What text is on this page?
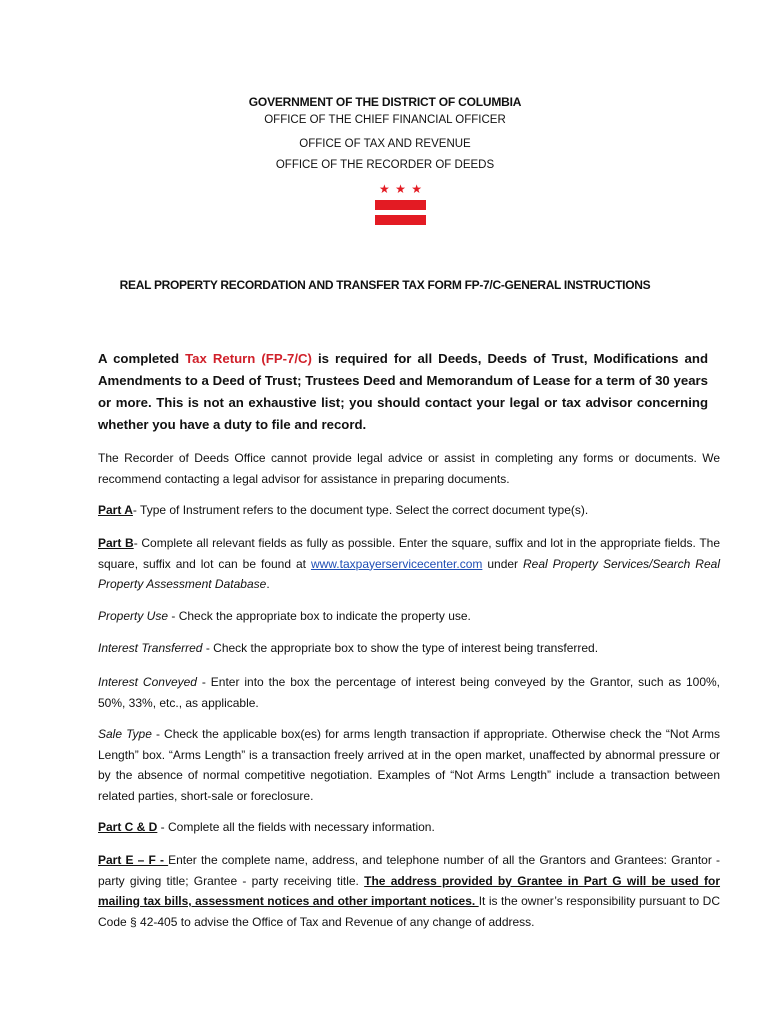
GOVERNMENT OF THE DISTRICT OF COLUMBIA
OFFICE OF THE CHIEF FINANCIAL OFFICER
OFFICE OF TAX AND REVENUE
OFFICE OF THE RECORDER OF DEEDS
★ ★ ★
REAL PROPERTY RECORDATION AND TRANSFER TAX FORM FP-7/C-GENERAL INSTRUCTIONS
A completed Tax Return (FP-7/C) is required for all Deeds, Deeds of Trust, Modifications and Amendments to a Deed of Trust; Trustees Deed and Memorandum of Lease for a term of 30 years or more. This is not an exhaustive list; you should contact your legal or tax advisor concerning whether you have a duty to file and record.
The Recorder of Deeds Office cannot provide legal advice or assist in completing any forms or documents. We recommend contacting a legal advisor for assistance in preparing documents.
Part A- Type of Instrument refers to the document type. Select the correct document type(s).
Part B- Complete all relevant fields as fully as possible. Enter the square, suffix and lot in the appropriate fields. The square, suffix and lot can be found at www.taxpayerservicecenter.com under Real Property Services/Search Real Property Assessment Database.
Property Use - Check the appropriate box to indicate the property use.
Interest Transferred - Check the appropriate box to show the type of interest being transferred.
Interest Conveyed - Enter into the box the percentage of interest being conveyed by the Grantor, such as 100%, 50%, 33%, etc., as applicable.
Sale Type - Check the applicable box(es) for arms length transaction if appropriate. Otherwise check the “Not Arms Length” box. “Arms Length” is a transaction freely arrived at in the open market, unaffected by abnormal pressure or by the absence of normal competitive negotiation. Examples of “Not Arms Length” include a transaction between related parties, short-sale or foreclosure.
Part C & D - Complete all the fields with necessary information.
Part E – F - Enter the complete name, address, and telephone number of all the Grantors and Grantees: Grantor - party giving title; Grantee - party receiving title. The address provided by Grantee in Part G will be used for mailing tax bills, assessment notices and other important notices. It is the owner’s responsibility pursuant to DC Code § 42-405 to advise the Office of Tax and Revenue of any change of address.
